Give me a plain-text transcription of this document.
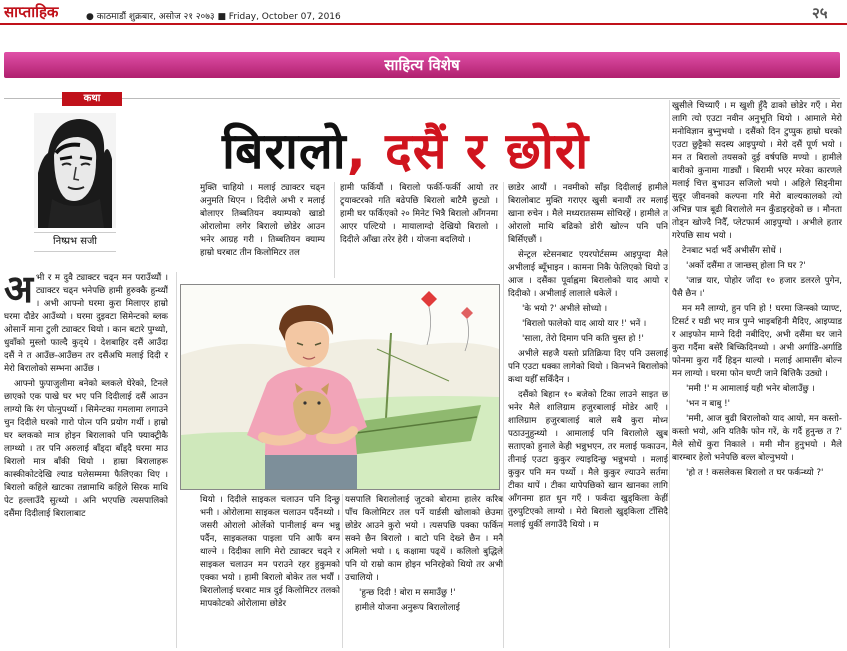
साप्ताहिक	● काठमाडौं शुक्रबार, असोज २१ २०७३ ■ Friday, October 07, 2016	२५
साहित्य विशेष
कथा
निष्प्रभ सजी
बिरालो, दसैं र छोरो
अ भी र म दुवै ट्याक्टर चढ्न मन पराउँथ्यौं । ट्याक्टर चढ्न भनेपछि हामी हुरुक्कै हुन्थ्यौं । अभी आफ्नो घरमा कुरा मिलाएर हाम्रो घरमा दौडेर आउँथ्यो । घरमा दुइवटा सिमेन्टको ब्लक ओसार्ने माना टुली ट्याक्टर थियो । कान बटारे पुग्थ्यो, धुवाँको मुस्लो फाल्दै कुद्थे । देशबाहिर दसैं आउँदा दसैं ने त आउँछ-आउँछन तर दसैंअघि मलाई दिदी र मेरो बिरालोको सम्भना आउँछ ।

आफ्नो फुपाजुलीमा बनेको ब्लकले घेरेको, टिनले छाएको एक पाखे घर भए पनि दिदीलाई दसैं आउन लाग्यो कि रंग पोत्नुपर्थ्यो । सिमेन्टका गमलामा लगाउने चुन दिदीले घरको गारो पोत्न पनि प्रयोग गर्थी । हाम्रो घर ब्लकको मात्र होइन बिरालाको पनि फ्याक्ट्रीकै लाग्थ्यो । तर पनि अरुलाई बाँड्दा बाँड्दै घरमा माउ बिरालो मात्र बाँकी थियो । हाम्रा बिरालाहरू कास्कीकोटदेखि ल्याड घलेसम्ममा फैलिएका थिए । बिरालो कहिले खाटका तन्नामाथि कहिले सिरक माथि पेट हल्लाउँदै सुत्थ्यो । अनि भएपछि त्यसपालिको दसैंमा दिदीलाई बिरालाबाट

मुक्ति चाहियो । मलाई ट्याक्टर चढ्न अनुमति थिएन । दिदीले अभी र मलाई बोलाएर तिब्बतियन क्याम्पको खाडो ओरालोमा लगेर बिरालो छोडेर आउन भनेर आग्रह गरी । तिब्बतियन क्याम्प हाम्रो घरबाट तीन किलोमिटर तल

हामी फर्कियौं । बिरालो फर्की-फर्की आयो तर ट्र्याक्टरको गति बढेपछि बिरालो बाटैमै छुट्यो । हामी घर फर्किएको २० मिनेट भित्रै बिरालो आँगनमा आएर पल्टियो । मायालाग्दो देखियो बिरालो । दिदीले आँखा तरेर हेरी । योजना बदलियो ।

छाडेर आयौं । नवमीको साँझ दिदीलाई हामीले बिरालोबाट मुक्ति गराएर खुसी बनायौं तर मलाई खाना रुचेन । मैले मध्यरातसम्म सोचिरहें । हामीले त ओरालो माथि बढिको डोरी खोल्न पनि पनि बिर्सिएछौं ।

सेन्ट्रल स्टेसनबाट एयरपोर्टसम्म आइपुग्दा मैले अभीलाई ब्यूँभाइन । कामना निकै फेलिएको थियो उ आज । दसैंका पूर्वाह्नमा बिरालोको याद आयो र दिदीको । अभीलाई लालाले धकेलें ।

'के भयो ?' अभीले सोध्यो ।

'बिरालो फालेको याद आयो यार !' भनें ।

'साला, तेरो दिमाग पनि कति चुस्त हो !'

अभीले सहजै यस्तो प्रतिक्रिया दिए पनि उसलाई पनि एउटा धक्का लागेको थियो । किनभने बिरालोको कथा यहीँ सकिँदैन ।

दसैंको बिहान १० बजेको टिका लाउने साइत छ भनेर मैले शालिग्राम हजुरबालाई मोडेर आएँ । शालिग्राम हजुरबालाई बाले सबै कुरा मोध्न पठाउनुहुन्थ्यो । आमालाई पनि बिरालोले खुब सताएको हुनाले केही भन्नुभएन, तर मलाई फकाउन, तीनाई एउटा कुकुर ल्याइदिन्छु भन्नुभयो । मलाई कुकुर पनि मन पर्थ्यो । मैले कुकुर ल्याउने सर्तमा टीका थापें । टीका थापेपछिको खान खानका लागि आँगनमा हात धुन गएँ । फर्कंदा खुड्किला केहीं तुरुपुटिएको लाग्यो । मेरो बिरालो खुड्किला टाँसिदै मलाई धुर्की लगाउँदै थियो । म

खुसीले चिच्याएँ । म खुशी हुँदै ढाको छोडेर गएँ । मेरा लागि त्यो एउटा नवीन अनुभूति थियो । आमाले मेरो मनोविज्ञान बुभ्नुभयो । दसैंको दिन टुप्पुक हाम्रो घरको एउटा छुट्टैको सदस्य आइपुग्यो । मेरो दसैं पूर्ण भयो । मन त बिरालो तयसको दुई वर्षपछि मण्यो । हामीले बारीको कुनामा गाड्यौं । बिरामी भएर मरेका कारणले मलाई चित्त बुभाउन सजिलो भयो । अहिले सिड्नीमा सुदूर जीवनको कल्पना गरि मेरो बाल्यकालको त्यो अभिन्न पात्र बूढी बिरालोले मन कुँडाइरहेको छ । मौनता तोड्न खोज्दै निदैँ, प्लेटफार्म आइपुग्यो । अभीले हतार गरेपछि साथ भयो ।

टेनबाट भर्दा भर्दै अभीसँग सोधें ।

'अर्को दसैंमा त जान्छस् होला नि घर ?'

'जान्न यार, पोहोर जाँदा १० हजार डलरले पुगेन, पैसै छैन ।'

मन मनै लाग्यो, हुन पनि हो ! घरमा जिन्स्को प्याण्ट, टिसर्ट र घडी भए मात्र पुग्ने भाइबहिनी मैदिए, आइप्याड र आइफोन माग्ने दिदी नबीदिए, अभी दसैंमा घर जाने कुरा गर्दैमा बसेरै बिच्किदिनथ्यो । अभी अर्गाडि-अर्गाडि फोनमा कुरा गर्दै हिड्न थाल्यो । मलाई आमासँग बोल्न मन लाग्यो । घरमा फोन घण्टी जाने बित्तिकै उठ्यो ।

'ममी !' म आमालाई यही भनेर बोलाउँछु ।

'भन न बाबु !'

'ममी, आज बुढी बिरालोको याद आयो, मन कस्तो-कस्तो भयो, अनि यतिकै फोन गरें, के गर्दै हुनुन्छ त ?' मैले सोधें कुरा निकाले । ममी मौन हुनुभयो । मैले बारम्बार हेलो भनेपछि बल्ल बोल्नुभयो ।

'हो त ! कसलेकस बिरालो त घर फर्कन्थ्यो ?'

थियो । दिदीले साइकल चलाउन पनि दिन्छु भनी । ओरोलामा साइकल चलाउन पर्दैनथ्यो । जसरी ओरालो ओर्लेको पानीलाई बग्न भन्नु पर्दैन, साइकलका पाइला पनि आफैं बग्न थाल्ने । दिदीका लागि मेरो ट्याक्टर चढ्ने र साइकल चलाउन मन पराउने रहर हुकुमको एक्का भयो । हामी बिरालो बोकेर तल भर्यौं । बिरालोलाई घरबाट मात्र दुई किलोमिटर तलको मापकोटको ओरोलामा छोडेर

यसपालि बिरालोलाई जुटको बोरामा हालेर करिब पाँच किलोमिटर तल पर्ने यार्डसी खोलाको छेउमा छोडेर आउने कुरो भयो । त्यसपछि पक्का फर्किन सक्ने छैन बिरालो । बाटो पनि देख्ने छैन । मनै अमिलो भयो । ६ कक्षामा पढ्थें । कलिलो बुद्धिले पनि यो राम्रो काम होइन भनिरहेको थियो तर अभी उचालियो ।

'हुन्छ दिदी ! बोरा म समाउँछु !'

हामीले योजना अनुरूप बिरालोलाई
